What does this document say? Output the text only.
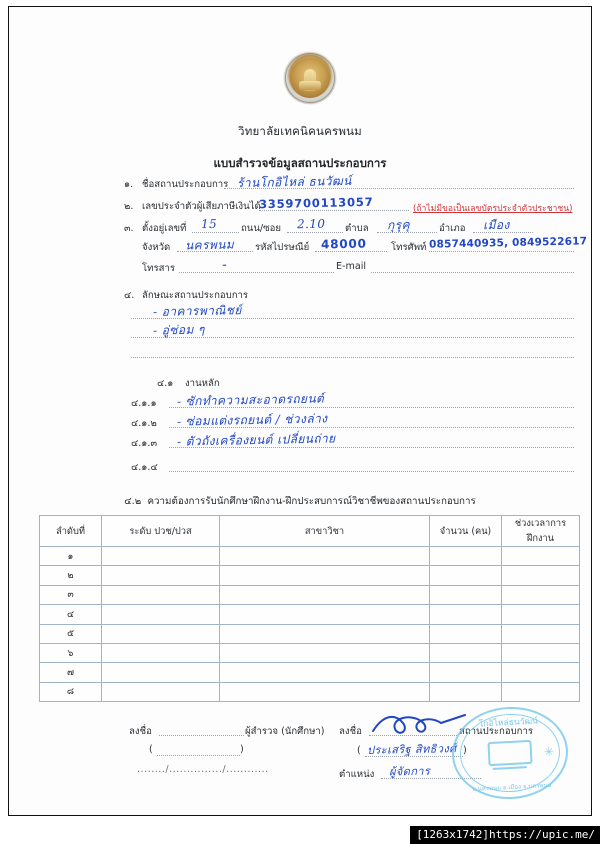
วิทยาลัยเทคนิคนครพนม
แบบสำรวจข้อมูลสถานประกอบการ
๑. ชื่อสถานประกอบการ ร้านโกอิไหล่ ธนวัฒน์
๒. เลขประจำตัวผู้เสียภาษีเงินได้
3359700113057	(ถ้าไม่มีขอเป็นเลขบัตรประจำตัวประชาชน)
๓. ตั้งอยู่เลขที่ 15 ถนน/ซอย 2.10 ตำบล กุรุคุ	อำเภอ เมือง
จังหวัด นครพนม รหัสไปรษณีย์ 48000	โทรศัพท์ 0857440935, 0849522617
โทรสาร	-	E-mail
๔. ลักษณะสถานประกอบการ
- อาคารพาณิชย์
- อู่ซ่อม ๆ
๔.๑ งานหลัก
๔.๑.๑ - ซักทำความสะอาดรถยนต์
๔.๑.๒ - ซ่อมแต่งรถยนต์ / ช่วงล่าง
๔.๑.๓ - ตัวถังเครื่องยนต์ เปลี่ยนถ่าย
๔.๑.๔
๔.๒ ความต้องการรับนักศึกษาฝึกงาน-ฝึกประสบการณ์วิชาชีพของสถานประกอบการ
ลำดับที่	ระดับ ปวช/ปวส	สาขาวิชา	จำนวน (คน)	ช่วงเวลาการฝึกงาน
๑				
๒				
๓				
๔				
๕				
๖				
๗				
๘				
ลงชื่อ	ผู้สำรวจ (นักศึกษา)
(	)
......../.............../............
ลงชื่อ	สถานประกอบการ
( ประเสริฐ สิทธิวงศ์ )
ตำแหน่ง ผู้จัดการ
โกอิไหล่ธนวัฒน์
✳
บ.นครพนม อ.เมือง จ.นครพนม
[1263x1742]https://upic.me/
